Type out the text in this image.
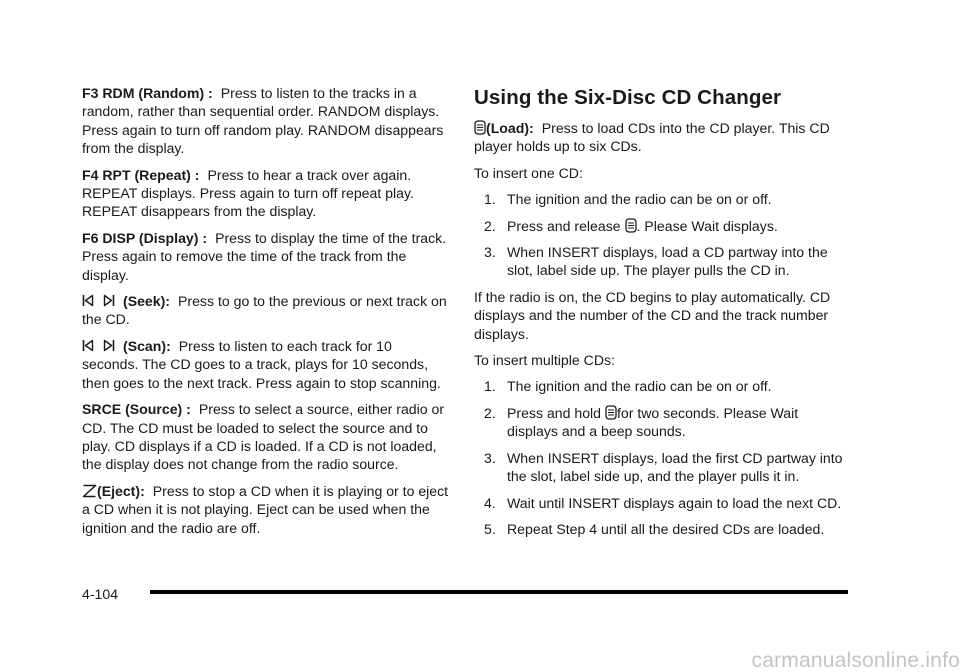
F3 RDM (Random) : Press to listen to the tracks in a random, rather than sequential order. RANDOM displays. Press again to turn off random play. RANDOM disappears from the display.

F4 RPT (Repeat) : Press to hear a track over again. REPEAT displays. Press again to turn off repeat play. REPEAT disappears from the display.

F6 DISP (Display) : Press to display the time of the track. Press again to remove the time of the track from the display.

(Seek): Press to go to the previous or next track on the CD.

(Scan): Press to listen to each track for 10 seconds. The CD goes to a track, plays for 10 seconds, then goes to the next track. Press again to stop scanning.

SRCE (Source) : Press to select a source, either radio or CD. The CD must be loaded to select the source and to play. CD displays if a CD is loaded. If a CD is not loaded, the display does not change from the radio source.

(Eject): Press to stop a CD when it is playing or to eject a CD when it is not playing. Eject can be used when the ignition and the radio are off.

Using the Six-Disc CD Changer

(Load): Press to load CDs into the CD player. This CD player holds up to six CDs.

To insert one CD:

1. The ignition and the radio can be on or off.
2. Press and release . Please Wait displays.
3. When INSERT displays, load a CD partway into the slot, label side up. The player pulls the CD in.

If the radio is on, the CD begins to play automatically. CD displays and the number of the CD and the track number displays.

To insert multiple CDs:

1. The ignition and the radio can be on or off.
2. Press and hold for two seconds. Please Wait displays and a beep sounds.
3. When INSERT displays, load the first CD partway into the slot, label side up, and the player pulls it in.
4. Wait until INSERT displays again to load the next CD.
5. Repeat Step 4 until all the desired CDs are loaded.
4-104
carmanualsonline.info
